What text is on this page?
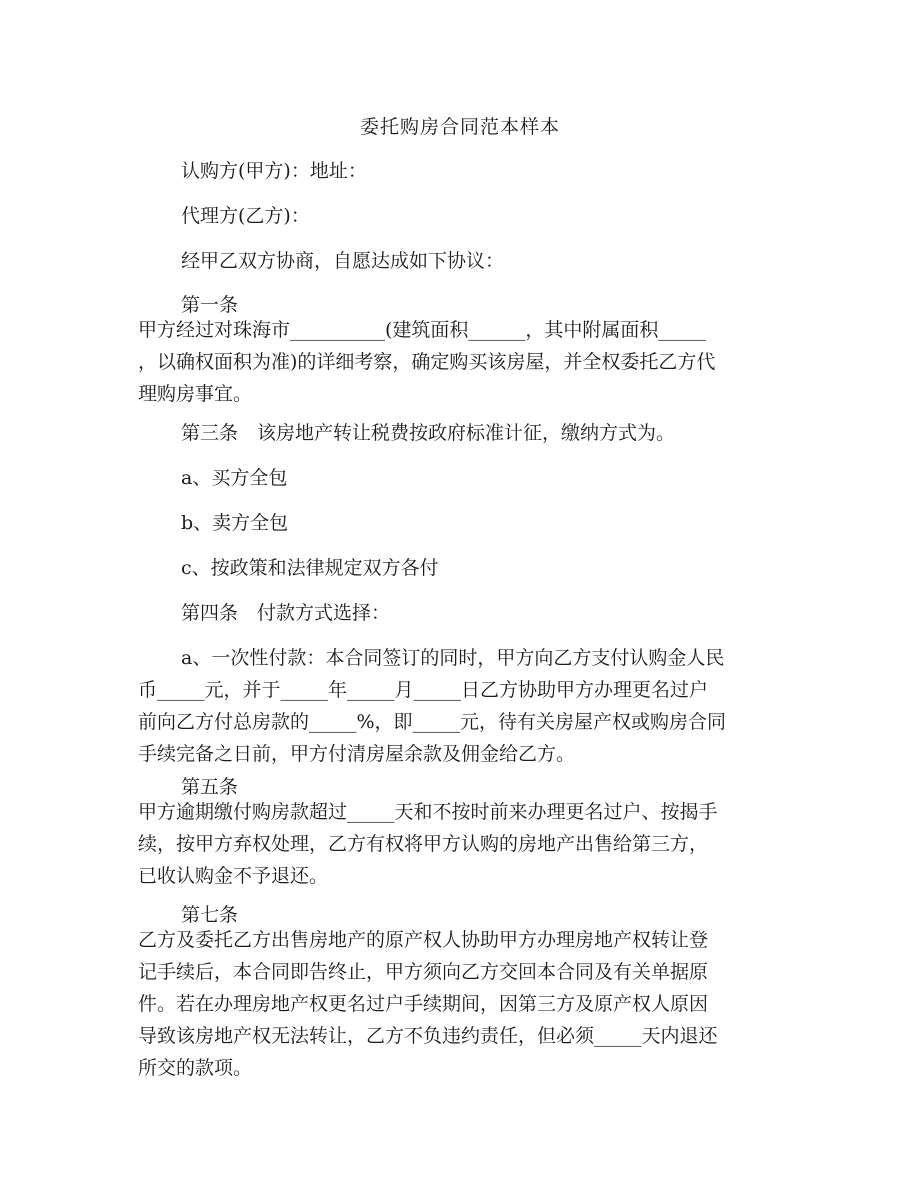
委托购房合同范本样本
认购方(甲方)：地址：
代理方(乙方)：
经甲乙双方协商，自愿达成如下协议：
第一条
甲方经过对珠海市__________(建筑面积______，其中附属面积_____
，以确权面积为准)的详细考察，确定购买该房屋，并全权委托乙方代
理购房事宜。
第三条　该房地产转让税费按政府标准计征，缴纳方式为。
a、买方全包
b、卖方全包
c、按政策和法律规定双方各付
第四条　付款方式选择：
a、一次性付款：本合同签订的同时，甲方向乙方支付认购金人民
币_____元，并于_____年_____月_____日乙方协助甲方办理更名过户
前向乙方付总房款的_____%，即_____元，待有关房屋产权或购房合同
手续完备之日前，甲方付清房屋余款及佣金给乙方。
第五条
甲方逾期缴付购房款超过_____天和不按时前来办理更名过户、按揭手
续，按甲方弃权处理，乙方有权将甲方认购的房地产出售给第三方，
已收认购金不予退还。
第七条
乙方及委托乙方出售房地产的原产权人协助甲方办理房地产权转让登
记手续后，本合同即告终止，甲方须向乙方交回本合同及有关单据原
件。若在办理房地产权更名过户手续期间，因第三方及原产权人原因
导致该房地产权无法转让，乙方不负违约责任，但必须_____天内退还
所交的款项。
